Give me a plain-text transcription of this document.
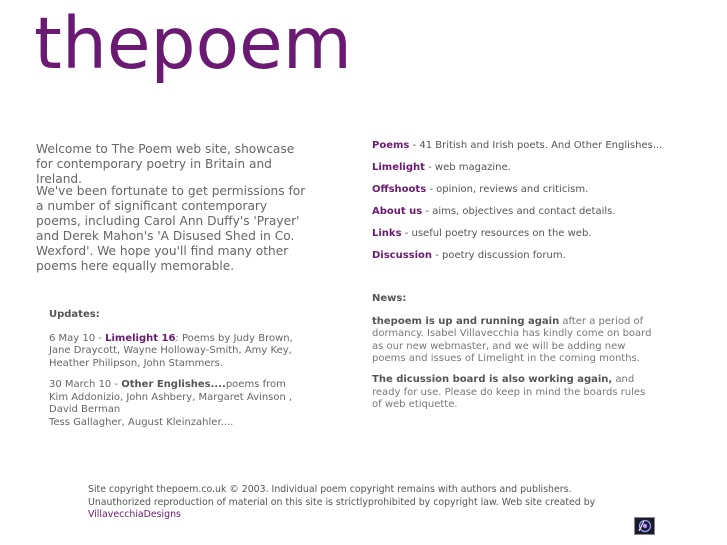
thepoem

Welcome to The Poem web site, showcase for contemporary poetry in Britain and Ireland.

We've been fortunate to get permissions for a number of significant contemporary poems, including Carol Ann Duffy's 'Prayer' and Derek Mahon's 'A Disused Shed in Co. Wexford'. We hope you'll find many other poems here equally memorable.

Updates:

6 May 10 - Limelight 16: Poems by Judy Brown, Jane Draycott, Wayne Holloway-Smith, Amy Key, Heather Philipson, John Stammers.

30 March 10 - Other Englishes....poems from
Kim Addonizio, John Ashbery, Margaret Avinson , David Berman
Tess Gallagher, August Kleinzahler....

Poems - 41 British and Irish poets. And Other Englishes...
Limelight - web magazine.
Offshoots - opinion, reviews and criticism.
About us - aims, objectives and contact details.
Links - useful poetry resources on the web.
Discussion - poetry discussion forum.
News:

thepoem is up and running again after a period of dormancy. Isabel Villavecchia has kindly come on board as our new webmaster, and we will be adding new poems and issues of Limelight in the coming months.

The dicussion board is also working again, and ready for use. Please do keep in mind the boards rules of web etiquette.

Site copyright thepoem.co.uk © 2003. Individual poem copyright remains with authors and publishers.
Unauthorized reproduction of material on this site is strictlyprohibited by copyright law. Web site created by VillavecchiaDesigns
